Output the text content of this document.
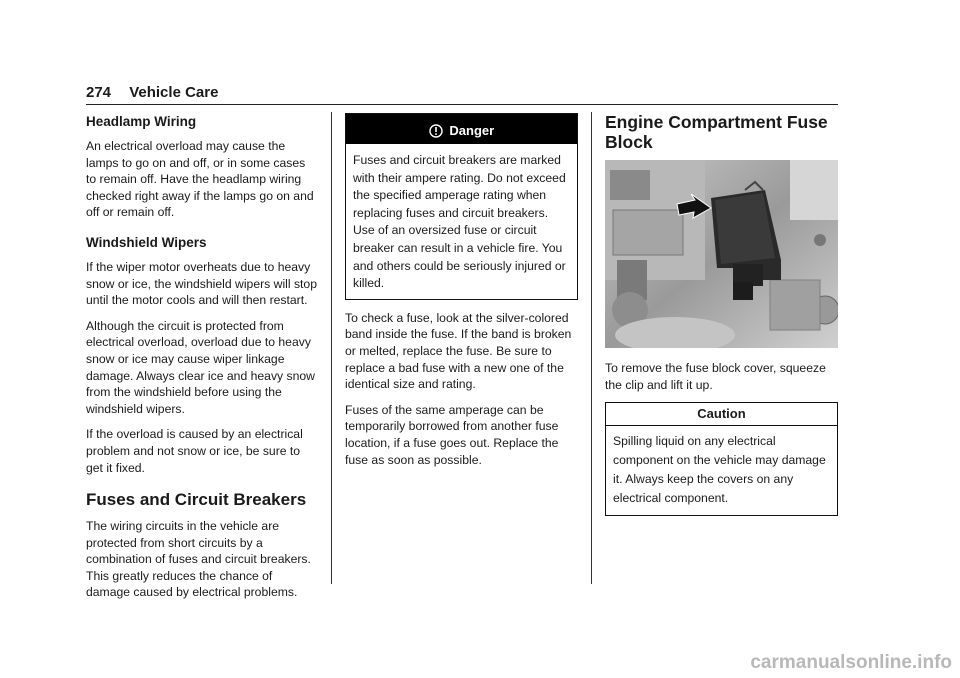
274 Vehicle Care
Headlamp Wiring

An electrical overload may cause the lamps to go on and off, or in some cases to remain off. Have the headlamp wiring checked right away if the lamps go on and off or remain off.

Windshield Wipers

If the wiper motor overheats due to heavy snow or ice, the windshield wipers will stop until the motor cools and will then restart.

Although the circuit is protected from electrical overload, overload due to heavy snow or ice may cause wiper linkage damage. Always clear ice and heavy snow from the windshield before using the windshield wipers.

If the overload is caused by an electrical problem and not snow or ice, be sure to get it fixed.

Fuses and Circuit Breakers

The wiring circuits in the vehicle are protected from short circuits by a combination of fuses and circuit breakers. This greatly reduces the chance of damage caused by electrical problems.

Danger

Fuses and circuit breakers are marked with their ampere rating. Do not exceed the specified amperage rating when replacing fuses and circuit breakers. Use of an oversized fuse or circuit breaker can result in a vehicle fire. You and others could be seriously injured or killed.

To check a fuse, look at the silver-colored band inside the fuse. If the band is broken or melted, replace the fuse. Be sure to replace a bad fuse with a new one of the identical size and rating.

Fuses of the same amperage can be temporarily borrowed from another fuse location, if a fuse goes out. Replace the fuse as soon as possible.

Engine Compartment Fuse Block

To remove the fuse block cover, squeeze the clip and lift it up.

Caution

Spilling liquid on any electrical component on the vehicle may damage it. Always keep the covers on any electrical component.

carmanualsonline.info
